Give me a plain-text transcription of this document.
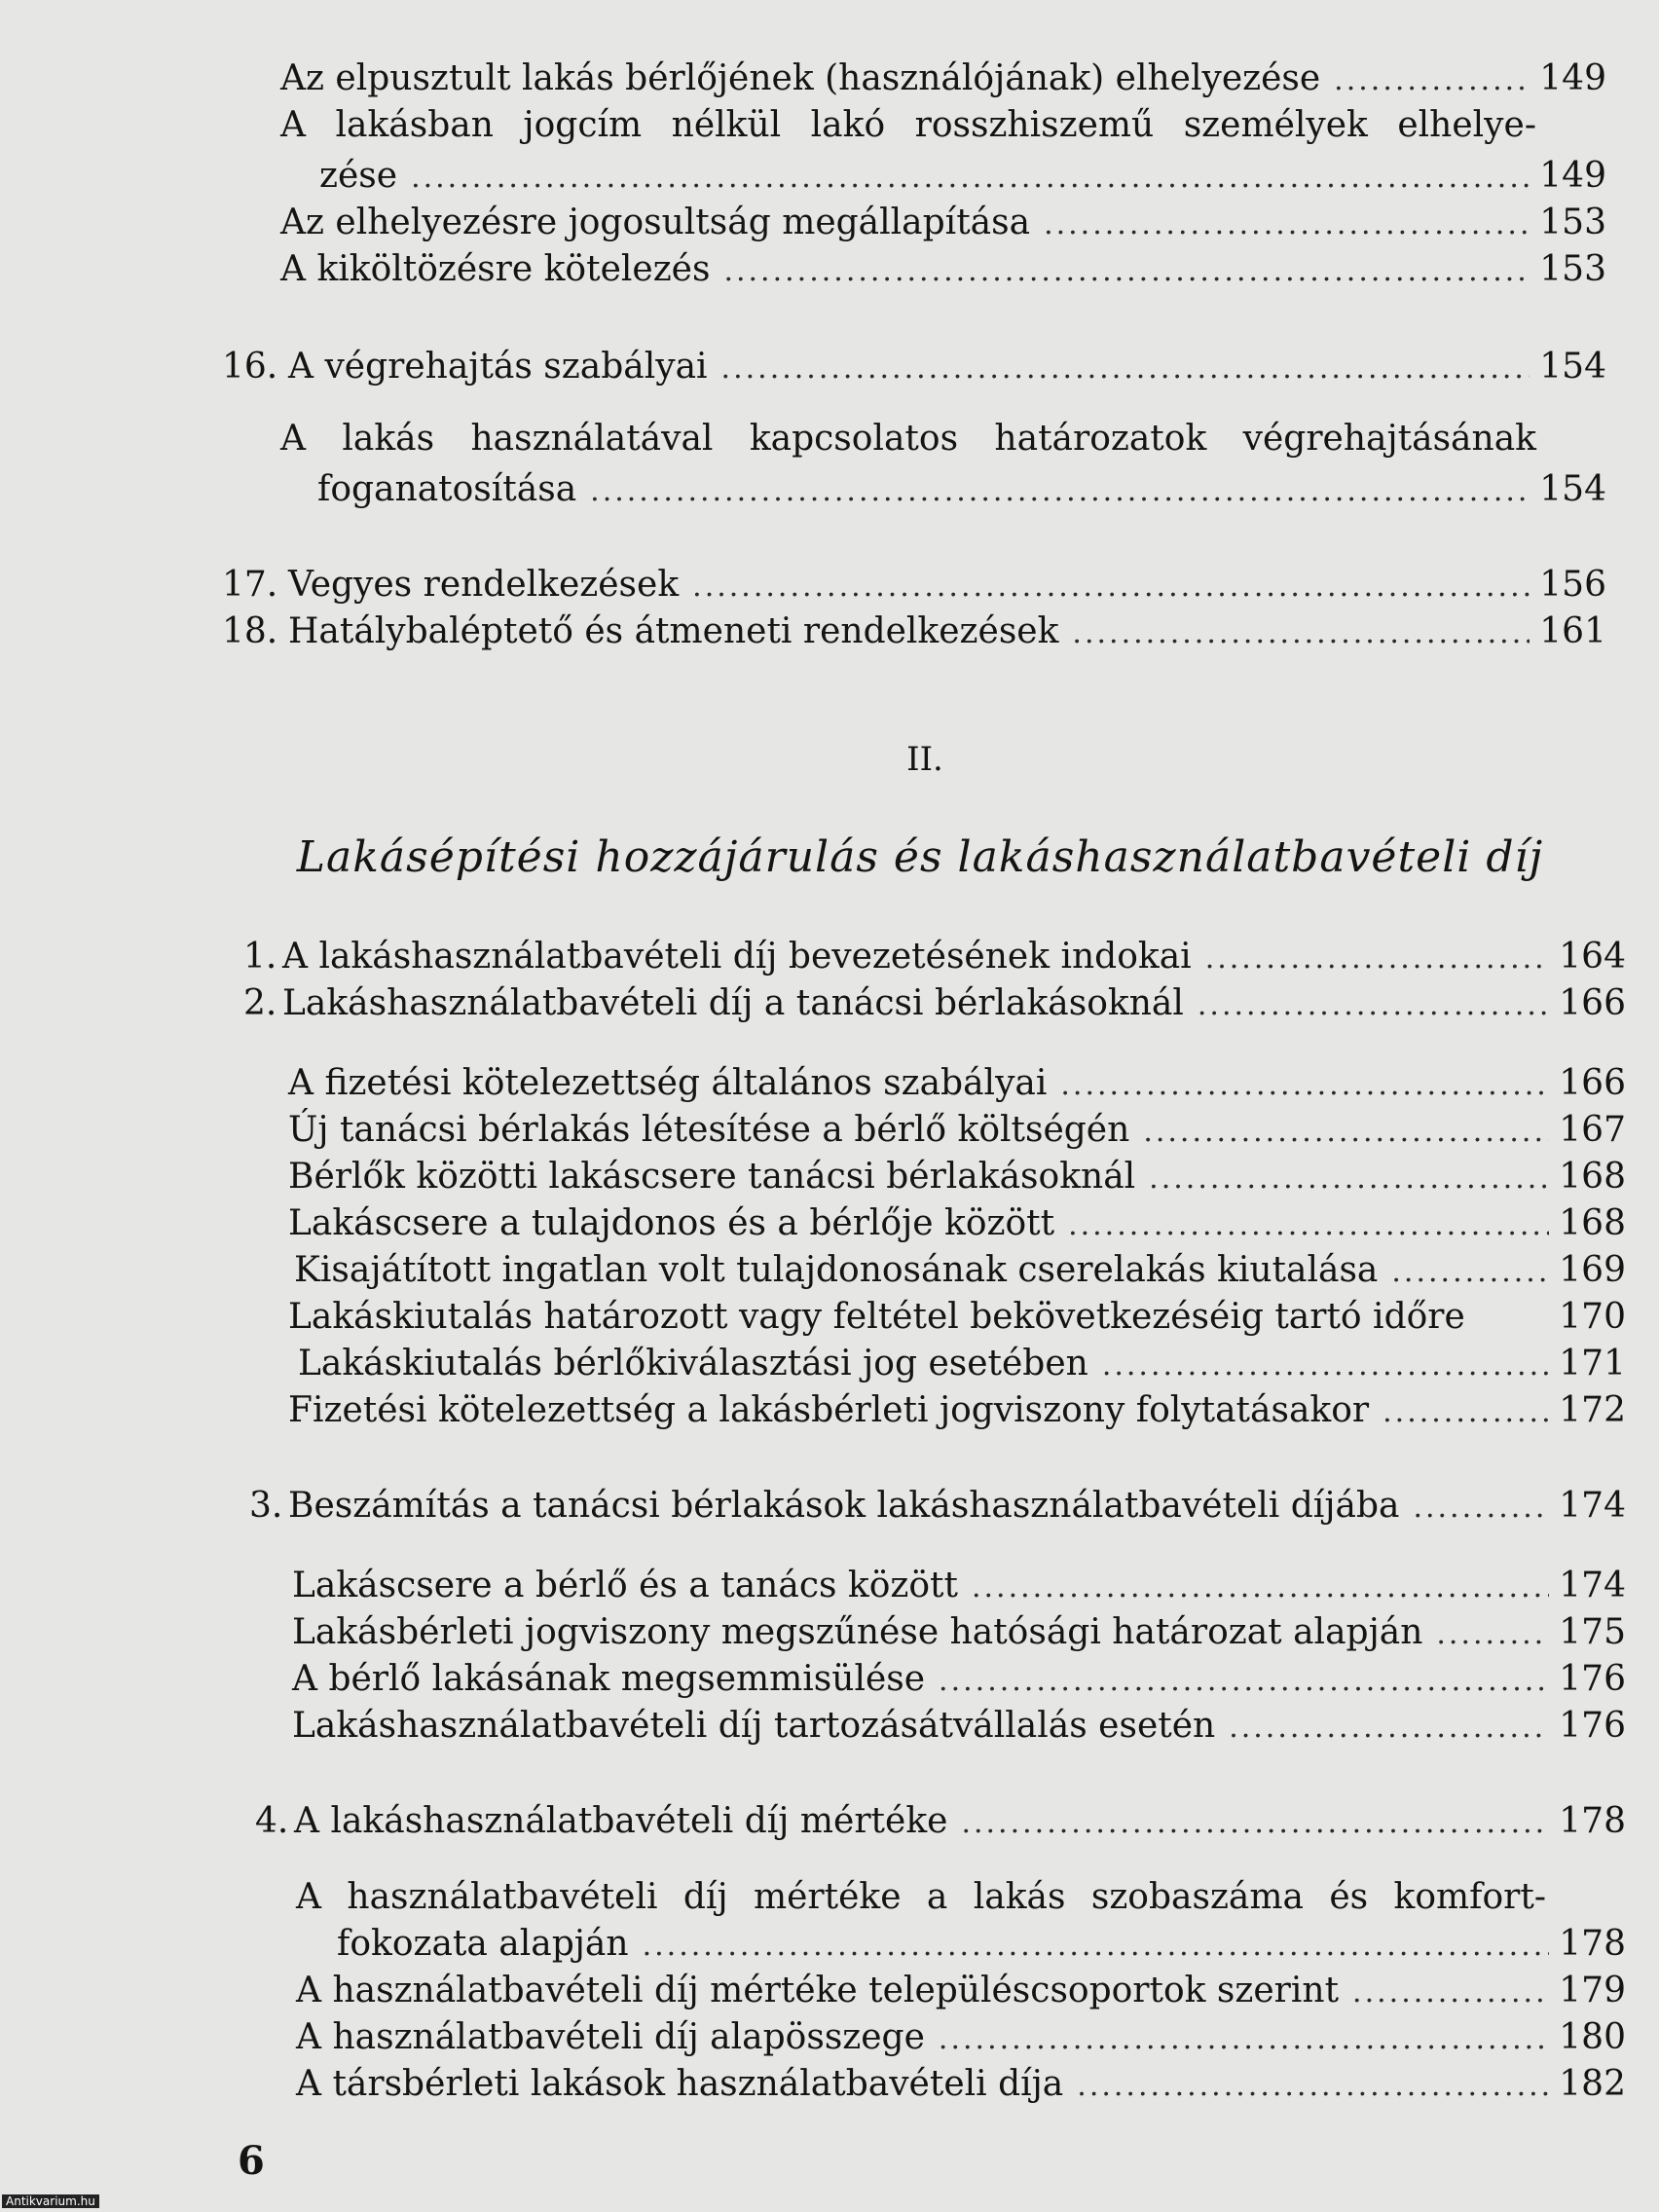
Az elpusztult lakás bérlőjének (használójának) elhelyezése .....	149
A lakásban jogcím nélkül lakó rosszhiszemű személyek elhelye-
zése .....	149
Az elhelyezésre jogosultság megállapítása .....	153
A kiköltözésre kötelezés .....	153
16. A végrehajtás szabályai .....	154
A lakás használatával kapcsolatos határozatok végrehajtásának
foganatosítása .....	154
17. Vegyes rendelkezések .....	156
18. Hatálybaléptető és átmeneti rendelkezések .....	161
II.
Lakásépítési hozzájárulás és lakáshasználatbavételi díj
1. A lakáshasználatbavételi díj bevezetésének indokai .....	164
2. Lakáshasználatbavételi díj a tanácsi bérlakásoknál .....	166
A fizetési kötelezettség általános szabályai .....	166
Új tanácsi bérlakás létesítése a bérlő költségén .....	167
Bérlők közötti lakáscsere tanácsi bérlakásoknál .....	168
Lakáscsere a tulajdonos és a bérlője között .....	168
Kisajátított ingatlan volt tulajdonosának cserelakás kiutalása .....	169
Lakáskiutalás határozott vagy feltétel bekövetkezéséig tartó időre	170
Lakáskiutalás bérlőkiválasztási jog esetében .....	171
Fizetési kötelezettség a lakásbérleti jogviszony folytatásakor .....	172
3. Beszámítás a tanácsi bérlakások lakáshasználatbavételi díjába .....	174
Lakáscsere a bérlő és a tanács között .....	174
Lakásbérleti jogviszony megszűnése hatósági határozat alapján .....	175
A bérlő lakásának megsemmisülése .....	176
Lakáshasználatbavételi díj tartozásátvállalás esetén .....	176
4. A lakáshasználatbavételi díj mértéke .....	178
A használatbavételi díj mértéke a lakás szobaszáma és komfort-
fokozata alapján .....	178
A használatbavételi díj mértéke településcsoportok szerint .....	179
A használatbavételi díj alapösszege .....	180
A társbérleti lakások használatbavételi díja .....	182
6
Antikvarium.hu
